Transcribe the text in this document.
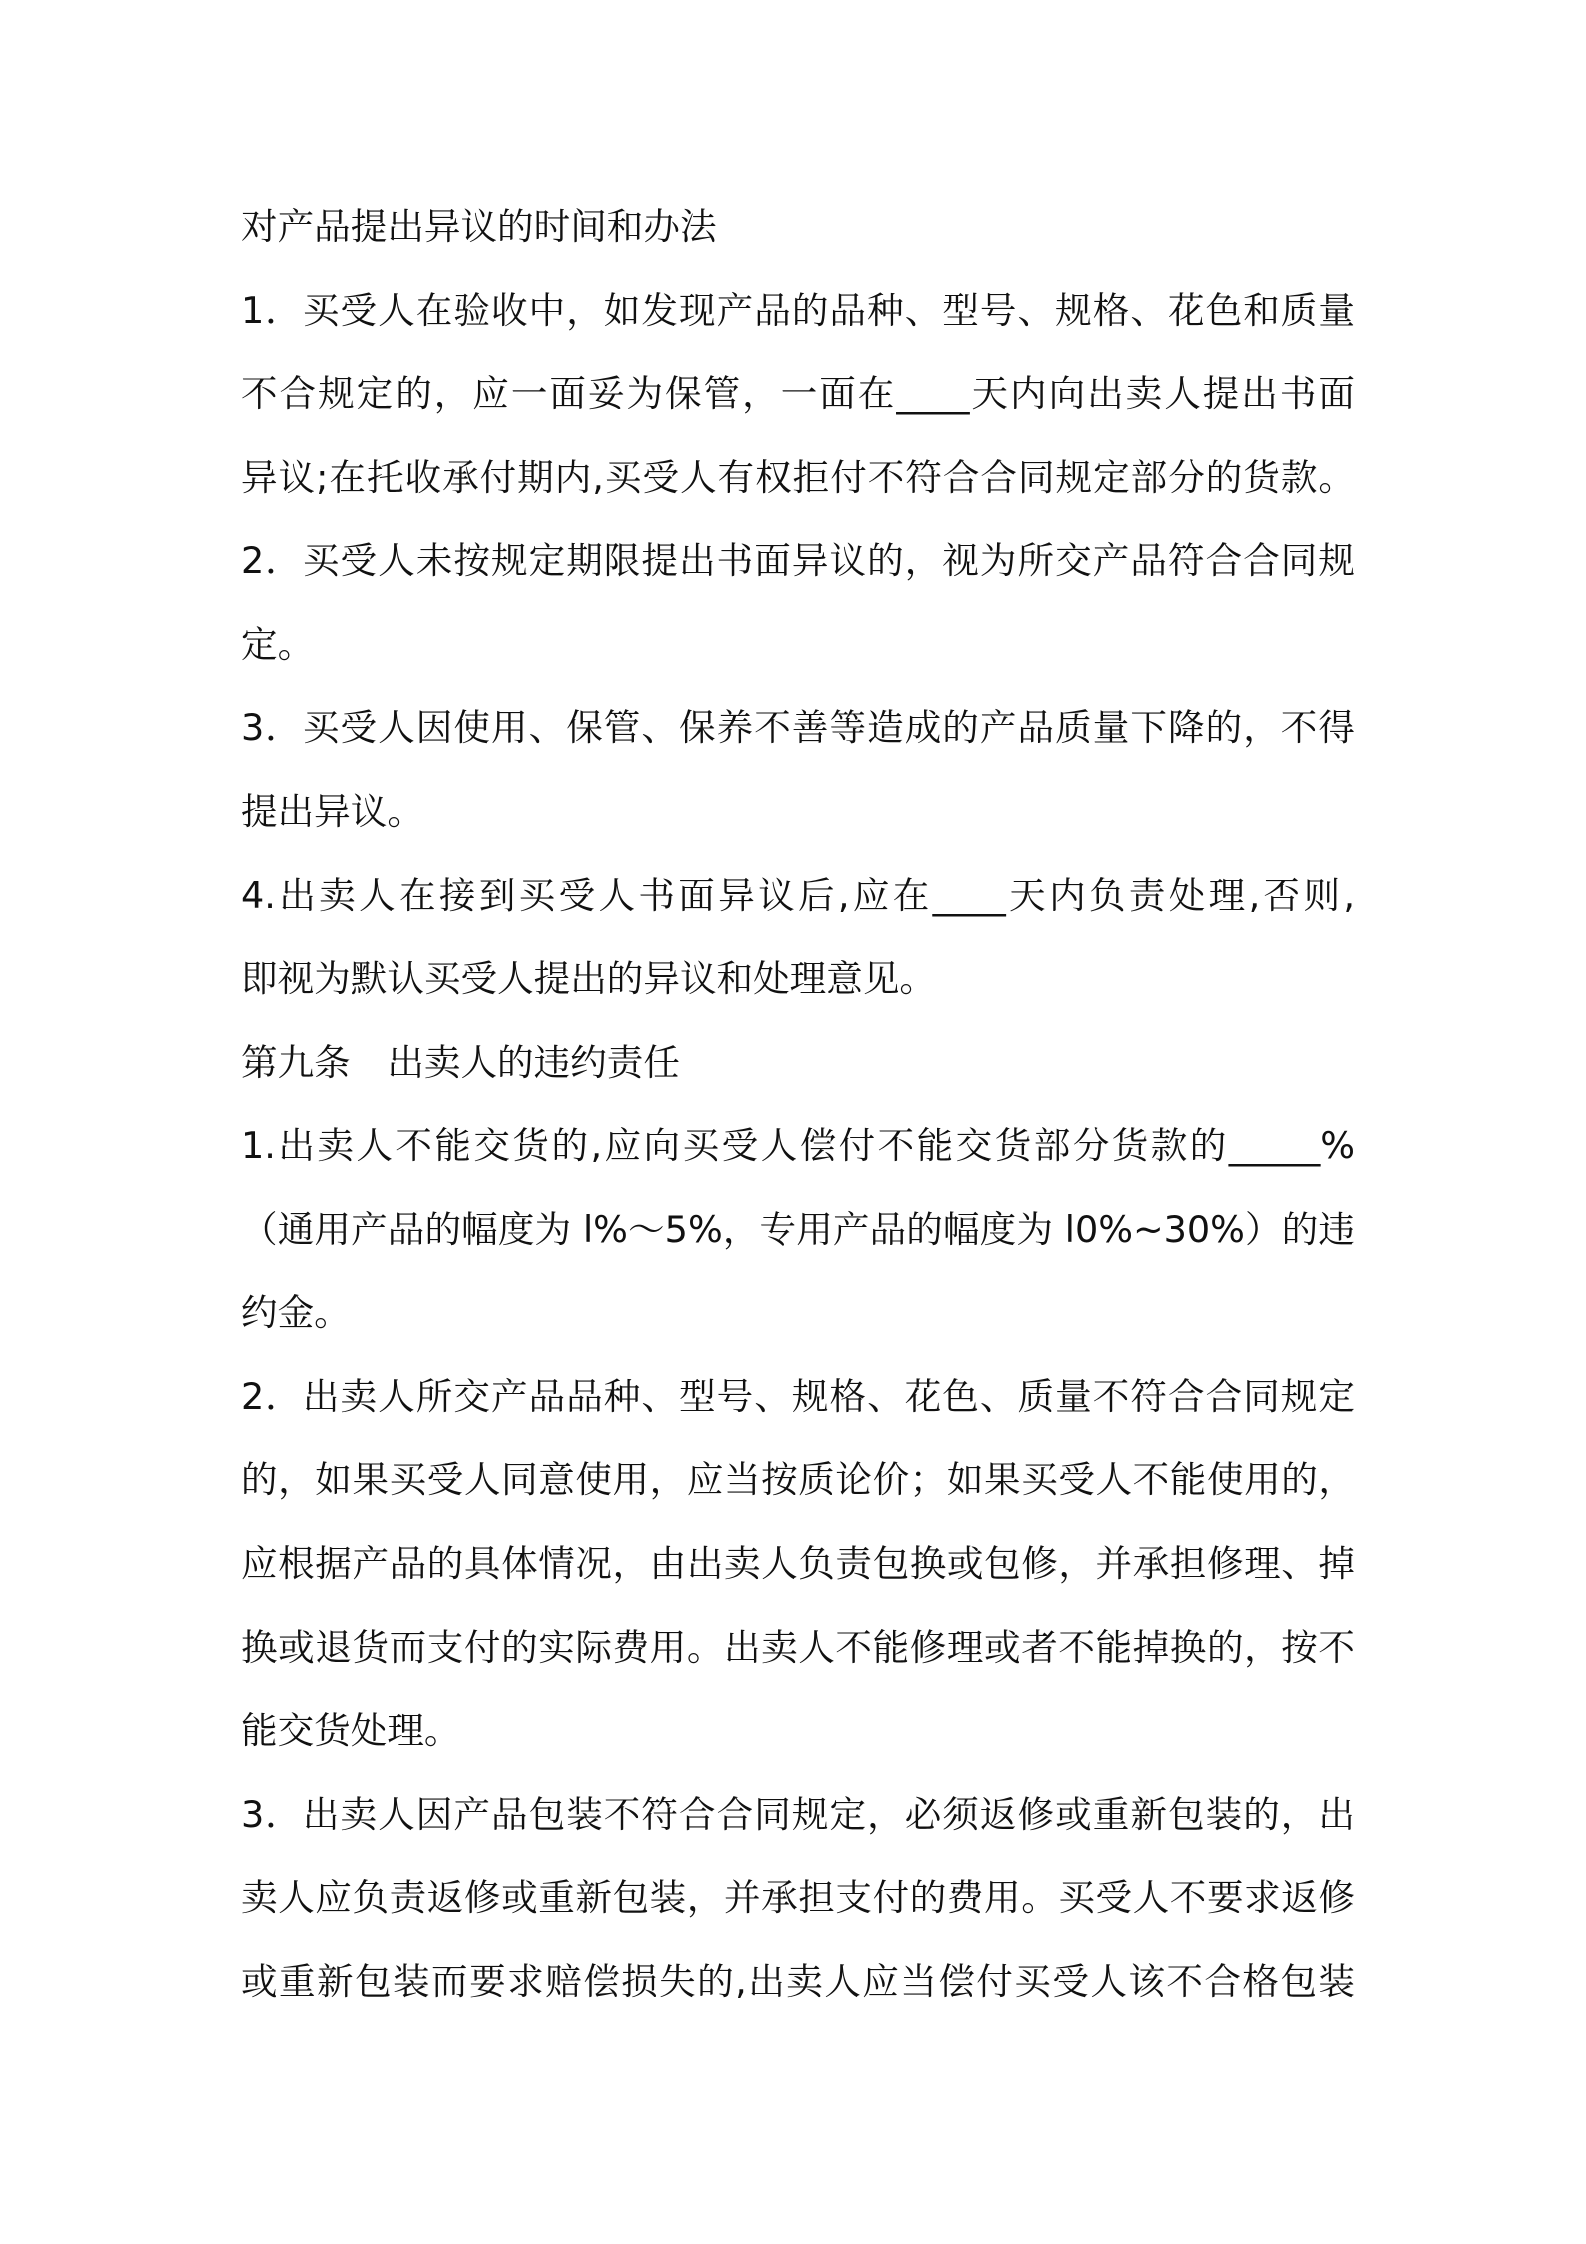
对产品提出异议的时间和办法
1．买受人在验收中，如发现产品的品种、型号、规格、花色和质量
不合规定的，应一面妥为保管，一面在____天内向出卖人提出书面
异议;在托收承付期内,买受人有权拒付不符合合同规定部分的货款。
2．买受人未按规定期限提出书面异议的，视为所交产品符合合同规
定。
3．买受人因使用、保管、保养不善等造成的产品质量下降的，不得
提出异议。
4.出卖人在接到买受人书面异议后,应在____天内负责处理,否则,
即视为默认买受人提出的异议和处理意见。
第九条　出卖人的违约责任
1.出卖人不能交货的,应向买受人偿付不能交货部分货款的_____%
（通用产品的幅度为 l%～5%，专用产品的幅度为 l0%~30%）的违
约金。
2．出卖人所交产品品种、型号、规格、花色、质量不符合合同规定
的，如果买受人同意使用，应当按质论价；如果买受人不能使用的，
应根据产品的具体情况，由出卖人负责包换或包修，并承担修理、掉
换或退货而支付的实际费用。出卖人不能修理或者不能掉换的，按不
能交货处理。
3．出卖人因产品包装不符合合同规定，必须返修或重新包装的，出
卖人应负责返修或重新包装，并承担支付的费用。买受人不要求返修
或重新包装而要求赔偿损失的,出卖人应当偿付买受人该不合格包装
